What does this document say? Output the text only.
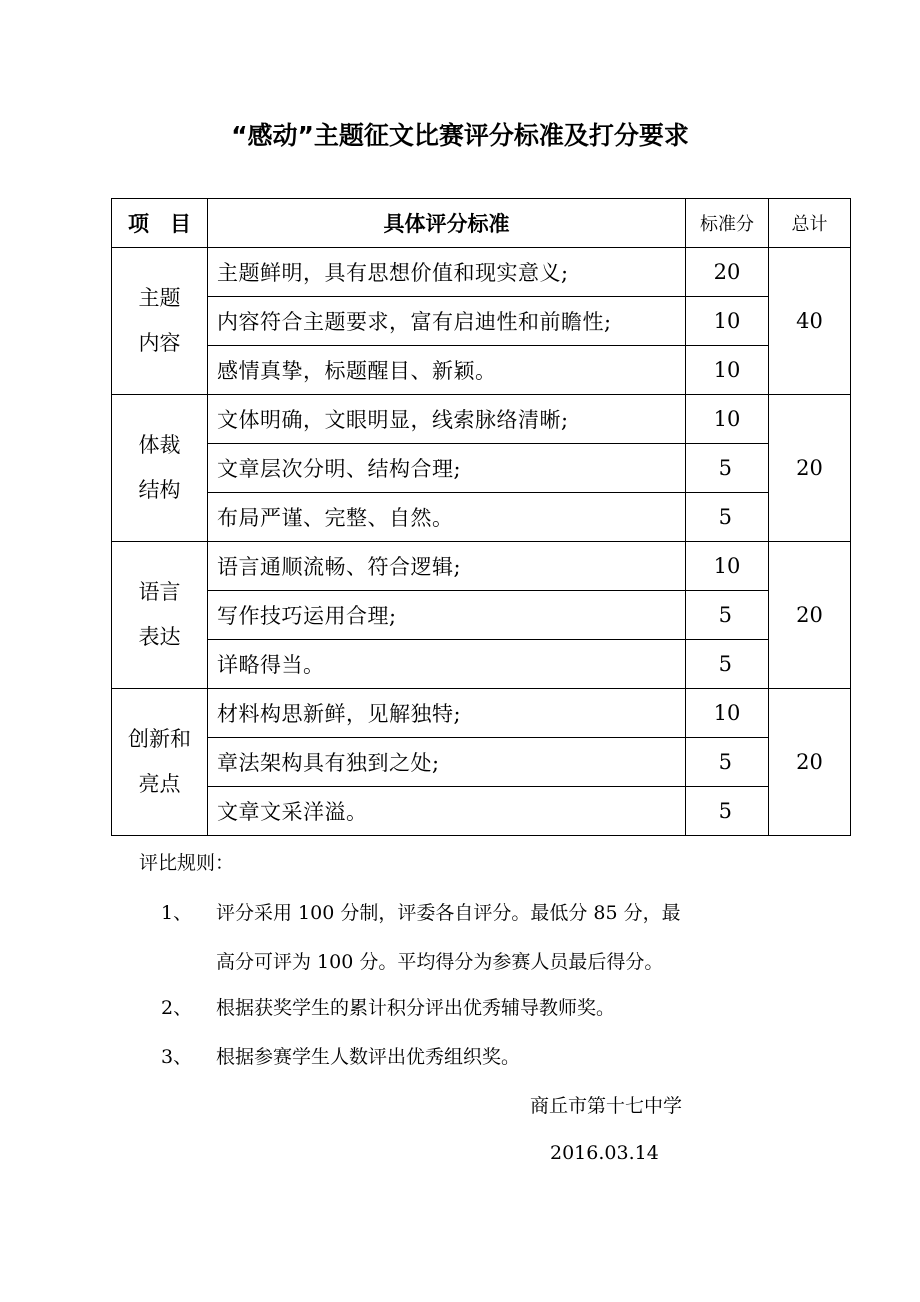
“感动”主题征文比赛评分标准及打分要求
项　目	具体评分标准	标准分	总计
主题
内容	主题鲜明，具有思想价值和现实意义;	20	40
	内容符合主题要求，富有启迪性和前瞻性;	10	
	感情真挚，标题醒目、新颖。	10	
体裁
结构	文体明确，文眼明显，线索脉络清晰;	10	20
	文章层次分明、结构合理;	5	
	布局严谨、完整、自然。	5	
语言
表达	语言通顺流畅、符合逻辑;	10	20
	写作技巧运用合理;	5	
	详略得当。	5	
创新和
亮点	材料构思新鲜，见解独特;	10	20
	章法架构具有独到之处;	5	
	文章文采洋溢。	5	
评比规则：
1、 评分采用 100 分制，评委各自评分。最低分 85 分，最
高分可评为 100 分。平均得分为参赛人员最后得分。
2、 根据获奖学生的累计积分评出优秀辅导教师奖。
3、 根据参赛学生人数评出优秀组织奖。
商丘市第十七中学
2016.03.14
